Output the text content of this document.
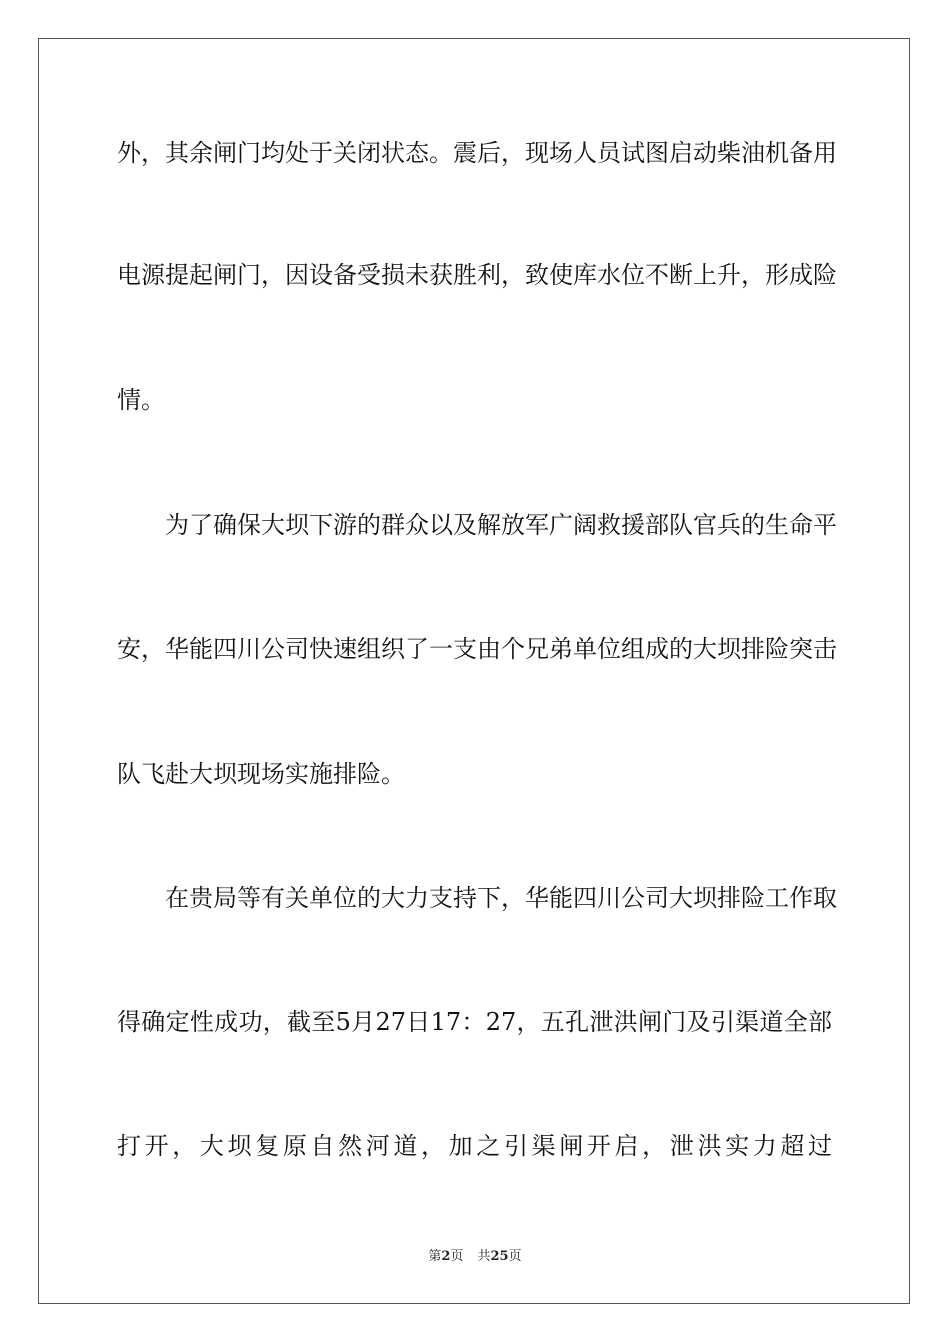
外，其余闸门均处于关闭状态。震后，现场人员试图启动柴油机备用
电源提起闸门，因设备受损未获胜利，致使库水位不断上升，形成险
情。
为了确保大坝下游的群众以及解放军广阔救援部队官兵的生命平
安，华能四川公司快速组织了一支由个兄弟单位组成的大坝排险突击
队飞赴大坝现场实施排险。
在贵局等有关单位的大力支持下，华能四川公司大坝排险工作取
得确定性成功，截至5月27日17：27，五孔泄洪闸门及引渠道全部
打开，大坝复原自然河道，加之引渠闸开启，泄洪实力超过
第2页 共25页
